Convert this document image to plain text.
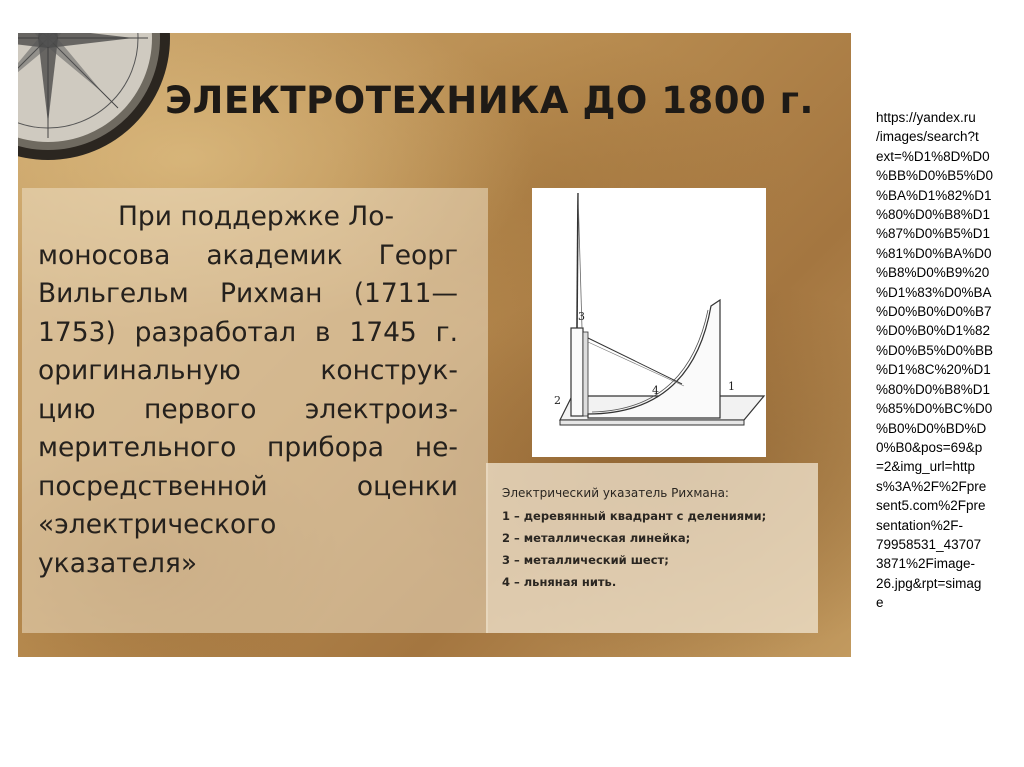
3
2
4	1
ЭЛЕКТРОТЕХНИКА ДО 1800 г.

При поддержке Ло-
моносова академик Георг
Вильгельм Рихман (1711—
1753) разработал в 1745 г.
оригинальную конструк-
цию первого электроиз-
мерительного прибора не-
посредственной оценки
«электрического
указателя»

Электрический указатель Рихмана:

1 – деревянный квадрант с делениями;

2 – металлическая линейка;

3 – металлический шест;

4 – льняная нить.

https://yandex.ru
/images/search?t
ext=%D1%8D%D0
%BB%D0%B5%D0
%BA%D1%82%D1
%80%D0%B8%D1
%87%D0%B5%D1
%81%D0%BA%D0
%B8%D0%B9%20
%D1%83%D0%BA
%D0%B0%D0%B7
%D0%B0%D1%82
%D0%B5%D0%BB
%D1%8C%20%D1
%80%D0%B8%D1
%85%D0%BC%D0
%B0%D0%BD%D
0%B0&pos=69&p
=2&img_url=http
s%3A%2F%2Fpre
sent5.com%2Fpre
sentation%2F-
79958531_43707
3871%2Fimage-
26.jpg&rpt=simag
e
